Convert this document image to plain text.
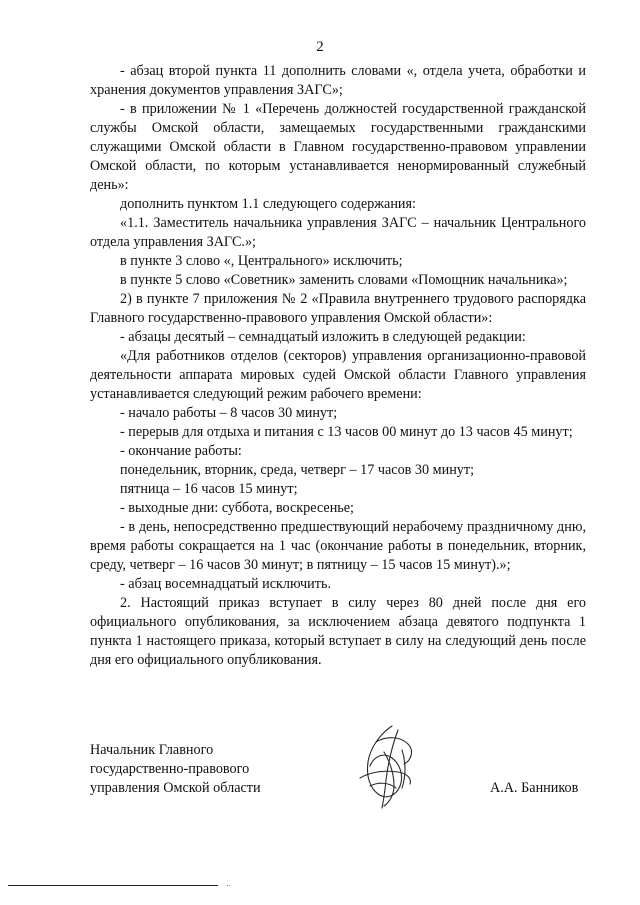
2

- абзац второй пункта 11 дополнить словами «, отдела учета, обработки и хранения документов управления ЗАГС»;

- в приложении № 1 «Перечень должностей государственной гражданской службы Омской области, замещаемых государственными гражданскими служащими Омской области в Главном государственно-правовом управлении Омской области, по которым устанавливается ненормированный служебный день»:

дополнить пунктом 1.1 следующего содержания:

«1.1. Заместитель начальника управления ЗАГС – начальник Центрального отдела управления ЗАГС.»;

в пункте 3 слово «, Центрального» исключить;

в пункте 5 слово «Советник» заменить словами «Помощник начальника»;

2) в пункте 7 приложения № 2 «Правила внутреннего трудового распорядка Главного государственно-правового управления Омской области»:

- абзацы десятый – семнадцатый изложить в следующей редакции:

«Для работников отделов (секторов) управления организационно-правовой деятельности аппарата мировых судей Омской области Главного управления устанавливается следующий режим рабочего времени:

- начало работы – 8 часов 30 минут;

- перерыв для отдыха и питания с 13 часов 00 минут до 13 часов 45 минут;

- окончание работы:

понедельник, вторник, среда, четверг – 17 часов 30 минут;

пятница – 16 часов 15 минут;

- выходные дни: суббота, воскресенье;

- в день, непосредственно предшествующий нерабочему праздничному дню, время работы сокращается на 1 час (окончание работы в понедельник, вторник, среду, четверг – 16 часов 30 минут; в пятницу – 15 часов 15 минут).»;

- абзац восемнадцатый исключить.

2. Настоящий приказ вступает в силу через 80 дней после дня его официального опубликования, за исключением абзаца девятого подпункта 1 пункта 1 настоящего приказа, который вступает в силу на следующий день после дня его официального опубликования.

Начальник Главного
государственно-правового
управления Омской области	А.А. Банников
..
